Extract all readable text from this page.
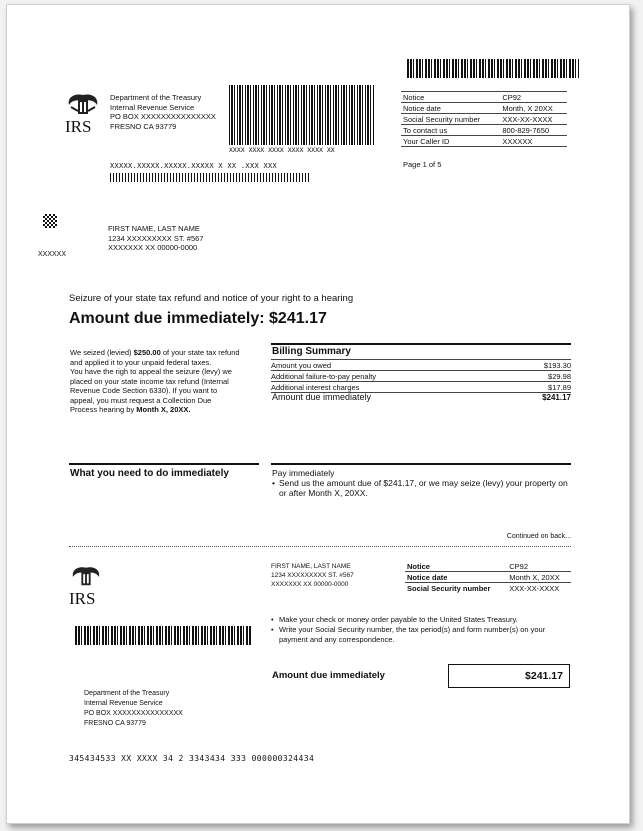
IRS
Department of the Treasury
Internal Revenue Service
PO BOX XXXXXXXXXXXXXXX
FRESNO CA 93779
XXXX XXXX XXXX XXXX XXXX XX
Notice	CP92
Notice date	Month, X 20XX
Social Security number	XXX-XX-XXXX
To contact us	800-829-7650
Your Caller ID	XXXXXX
Page 1 of 5
XXXXX.XXXXX.XXXXX.XXXXX X XX .XXX XXX
XXXXXX
FIRST NAME, LAST NAME
1234 XXXXXXXXX ST. #567
XXXXXXX XX 00000-0000
Seizure of your state tax refund and notice of your right to a hearing
Amount due immediately: $241.17
We seized (levied) $250.00 of your state tax refund and applied it to your unpaid federal taxes.
You have the righ to appeal the seizure (levy) we placed on your state income tax refund (Internal Revenue Code Section 6330). If you want to appeal, you must request a Collection Due Process hearing by Month X, 20XX.
Billing Summary
Amount you owed	$193.30
Additional failure-to-pay penalty	$29.98
Additional interest charges	$17.89
Amount due immediately	$241.17
What you need to do immediately	Pay immediately
• Send us the amount due of $241.17, or we may seize (levy) your property on or after Month X, 20XX.
Continued on back...
IRS
FIRST NAME, LAST NAME
1234 XXXXXXXXX ST. #567
XXXXXXX XX 00000-0000
Notice	CP92
Notice date	Month X, 20XX
Social Security number	XXX-XX-XXXX
• Make your check or money order payable to the United States Treasury.
• Write your Social Security number, the tax period(s) and form number(s) on your payment and any correspondence.
Amount due immediately	$241.17
Department of the Treasury
Internal Revenue Service
PO BOX XXXXXXXXXXXXXXX
FRESNO CA 93779
345434533 XX XXXX 34 2 3343434 333 000000324434
